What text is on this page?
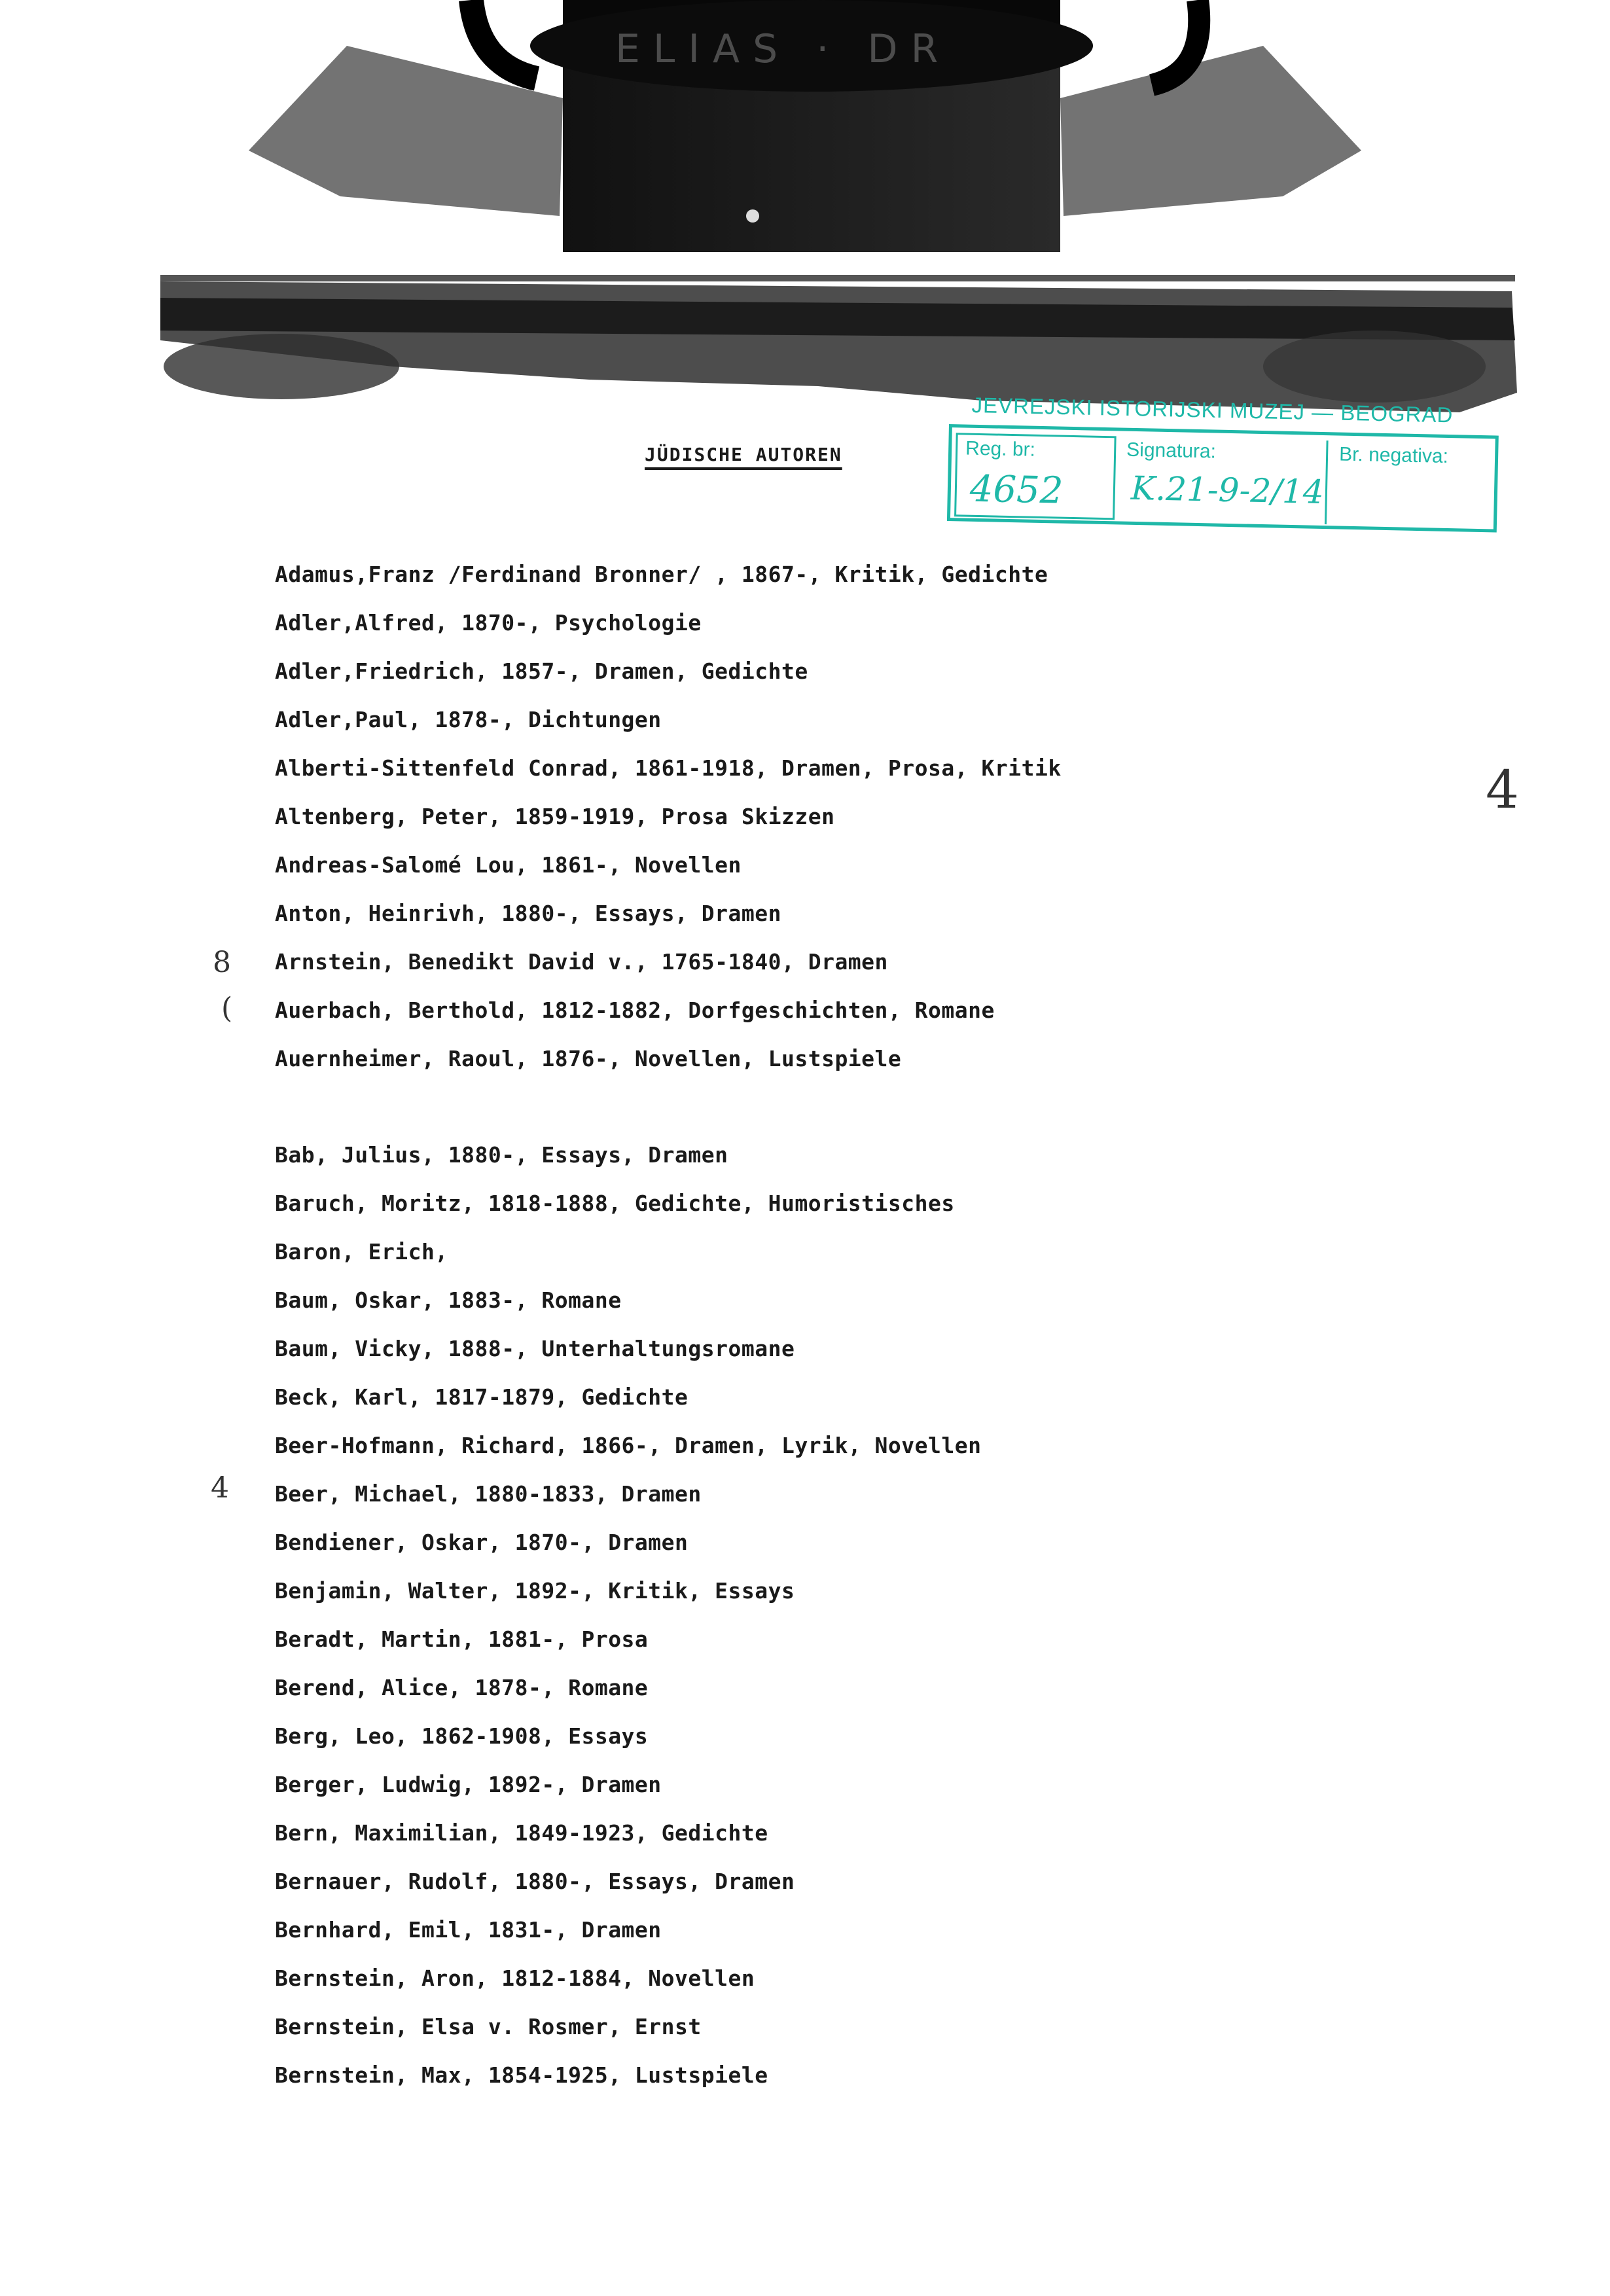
ELIAS · DR
JEVREJSKI ISTORIJSKI MUZEJ — BEOGRAD
Reg. br:
4652
Signatura:
K.21-9-2/14
Br. negativa:
JÜDISCHE AUTOREN
8
(
4
4
Adamus,Franz /Ferdinand Bronner/ , 1867-, Kritik, Gedichte
Adler,Alfred, 1870-, Psychologie
Adler,Friedrich, 1857-, Dramen, Gedichte
Adler,Paul, 1878-, Dichtungen
Alberti-Sittenfeld Conrad, 1861-1918, Dramen, Prosa, Kritik
Altenberg, Peter, 1859-1919, Prosa Skizzen
Andreas-Salomé Lou, 1861-, Novellen
Anton, Heinrivh, 1880-, Essays, Dramen
Arnstein, Benedikt David v., 1765-1840, Dramen
Auerbach, Berthold, 1812-1882, Dorfgeschichten, Romane
Auernheimer, Raoul, 1876-, Novellen, Lustspiele
Bab, Julius, 1880-, Essays, Dramen
Baruch, Moritz, 1818-1888, Gedichte, Humoristisches
Baron, Erich,
Baum, Oskar, 1883-, Romane
Baum, Vicky, 1888-, Unterhaltungsromane
Beck, Karl, 1817-1879, Gedichte
Beer-Hofmann, Richard, 1866-, Dramen, Lyrik, Novellen
Beer, Michael, 1880-1833, Dramen
Bendiener, Oskar, 1870-, Dramen
Benjamin, Walter, 1892-, Kritik, Essays
Beradt, Martin, 1881-, Prosa
Berend, Alice, 1878-, Romane
Berg, Leo, 1862-1908, Essays
Berger, Ludwig, 1892-, Dramen
Bern, Maximilian, 1849-1923, Gedichte
Bernauer, Rudolf, 1880-, Essays, Dramen
Bernhard, Emil, 1831-, Dramen
Bernstein, Aron, 1812-1884, Novellen
Bernstein, Elsa v. Rosmer, Ernst
Bernstein, Max, 1854-1925, Lustspiele
